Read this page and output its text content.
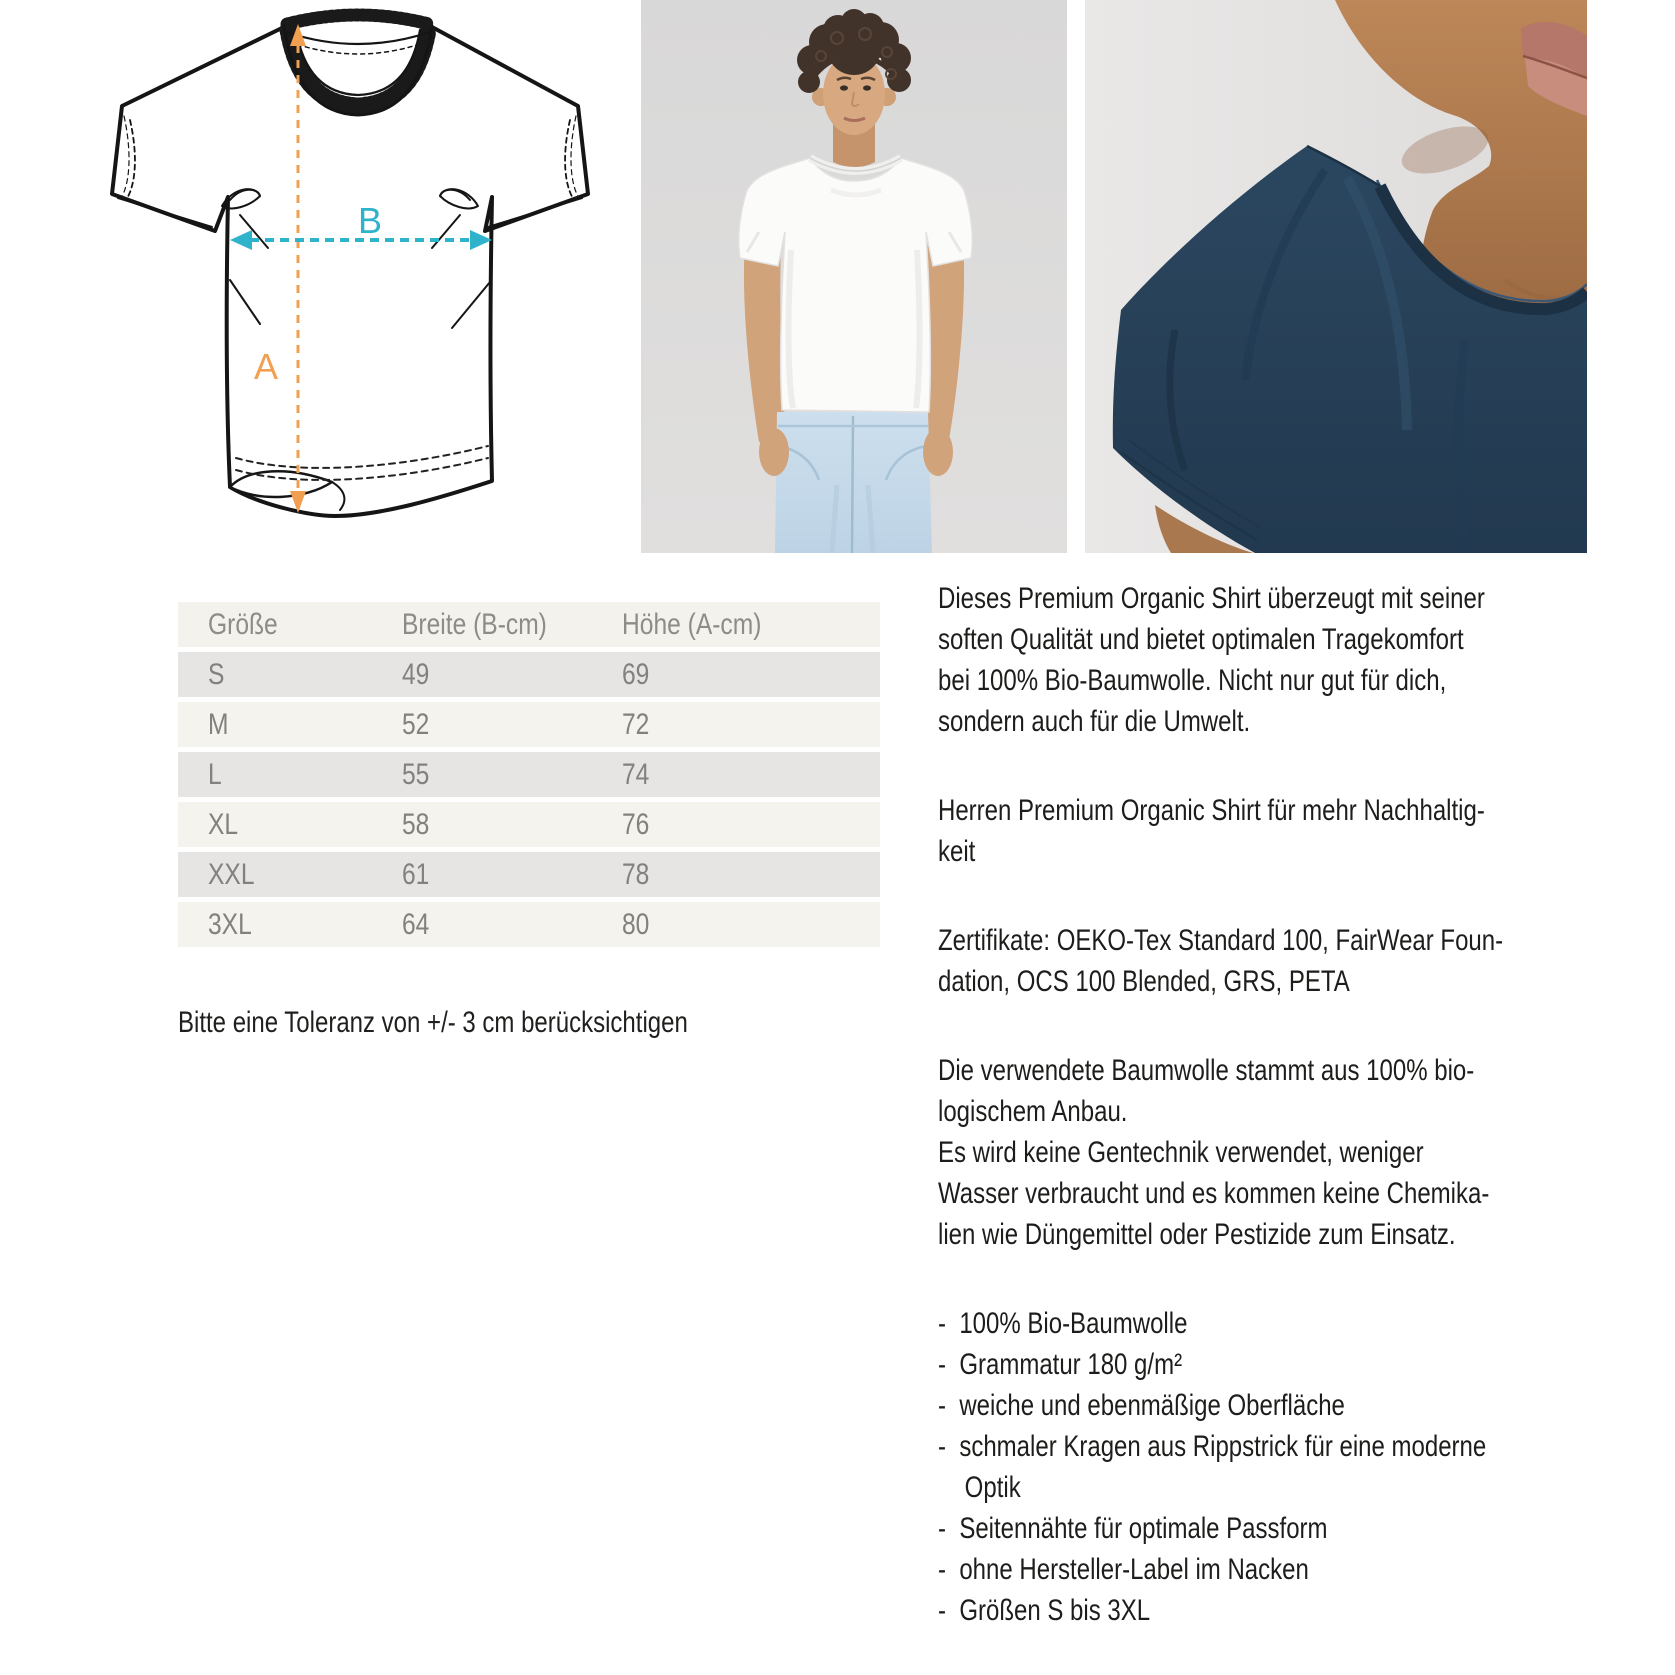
A
B
Größe	Breite (B-cm)	Höhe (A-cm)
S	49	69
M	52	72
L	55	74
XL	58	76
XXL	61	78
3XL	64	80
Bitte eine Toleranz von +/- 3 cm berücksichtigen
Dieses Premium Organic Shirt überzeugt mit seiner
soften Qualität und bietet optimalen Tragekomfort
bei 100% Bio-Baumwolle. Nicht nur gut für dich,
sondern auch für die Umwelt.
Herren Premium Organic Shirt für mehr Nachhaltig-
keit
Zertifikate: OEKO-Tex Standard 100, FairWear Foun-
dation, OCS 100 Blended, GRS, PETA
Die verwendete Baumwolle stammt aus 100% bio-
logischem Anbau.
Es wird keine Gentechnik verwendet, weniger
Wasser verbraucht und es kommen keine Chemika-
lien wie Düngemittel oder Pestizide zum Einsatz.
-  100% Bio-Baumwolle
-  Grammatur 180 g/m²
-  weiche und ebenmäßige Oberfläche
-  schmaler Kragen aus Rippstrick für eine moderne
Optik
-  Seitennähte für optimale Passform
-  ohne Hersteller-Label im Nacken
-  Größen S bis 3XL
